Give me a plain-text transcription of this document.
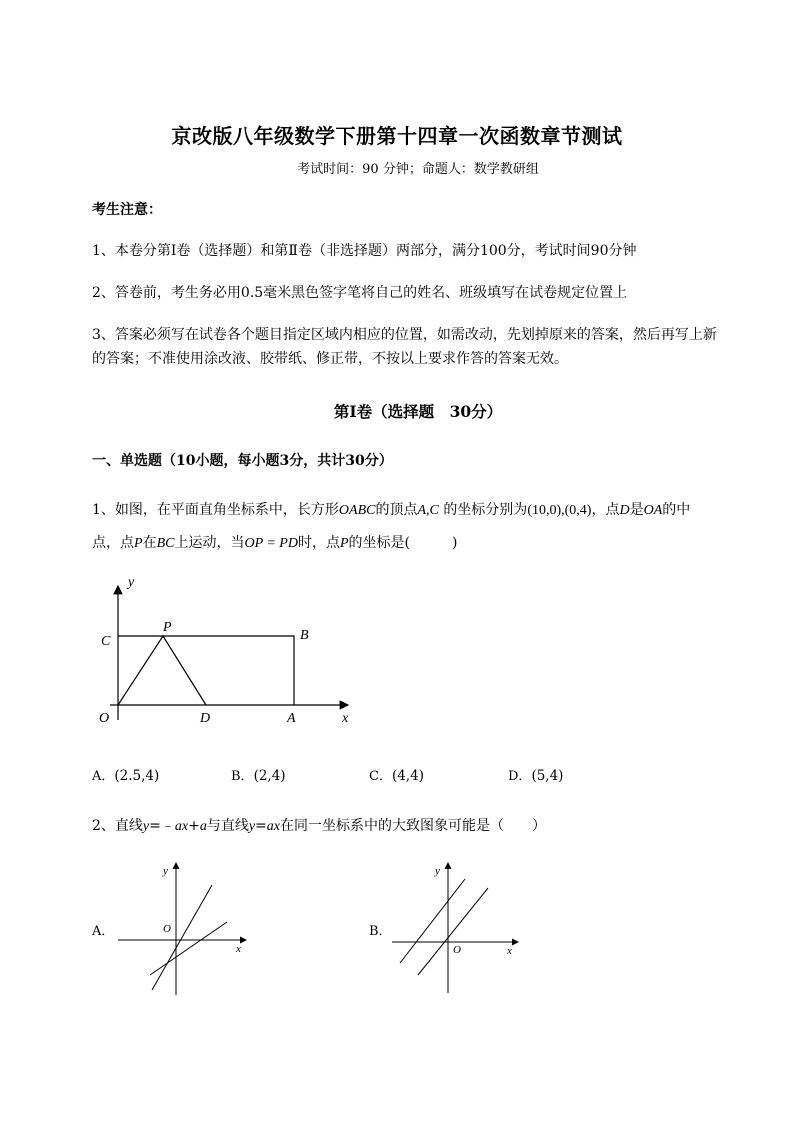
京改版八年级数学下册第十四章一次函数章节测试
考试时间：90 分钟；命题人：数学教研组
考生注意：
1、本卷分第Ⅰ卷（选择题）和第Ⅱ卷（非选择题）两部分，满分100分，考试时间90分钟
2、答卷前，考生务必用0.5毫米黑色签字笔将自己的姓名、班级填写在试卷规定位置上
3、答案必须写在试卷各个题目指定区域内相应的位置，如需改动，先划掉原来的答案，然后再写上新
的答案；不准使用涂改液、胶带纸、修正带，不按以上要求作答的答案无效。
第Ⅰ卷（选择题　30分）
一、单选题（10小题，每小题3分，共计30分）
1、如图，在平面直角坐标系中，长方形OABC的顶点A,C 的坐标分别为(10,0),(0,4)，点D是OA的中
点，点P在BC上运动，当OP = PD时，点P的坐标是(　　　)
y
x
C
P
B
O	D	A
A．(2.5,4)	B．(2,4)	C．(4,4)	D．(5,4)
2、直线y=﹣ax+a与直线y=ax在同一坐标系中的大致图象可能是（　　）
A．
y
O
x
B．
y
O	x
